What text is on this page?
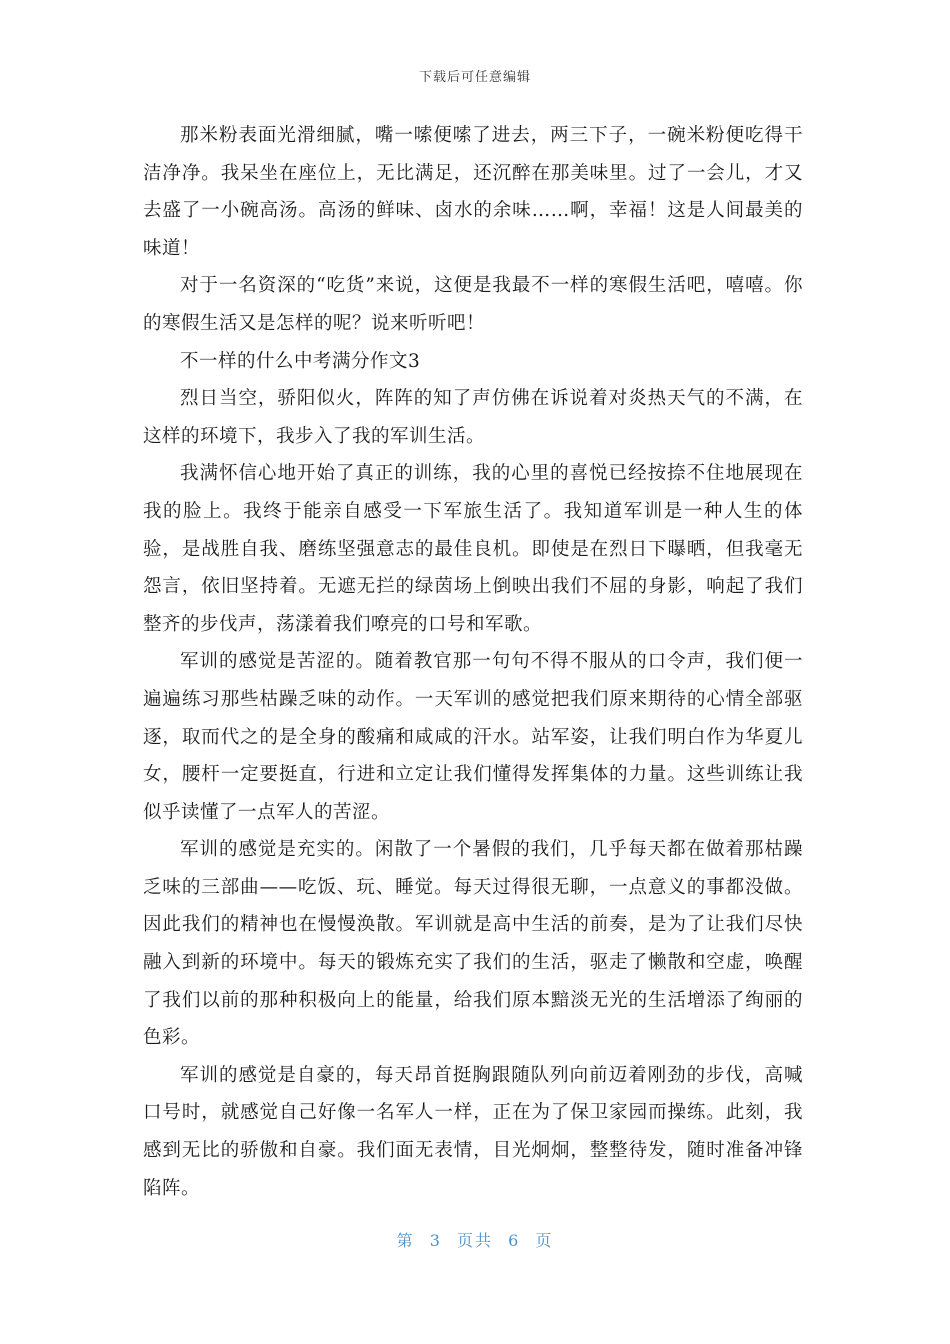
下载后可任意编辑

那米粉表面光滑细腻，嘴一嗦便嗦了进去，两三下子，一碗米粉便吃得干洁净净。我呆坐在座位上，无比满足，还沉醉在那美味里。过了一会儿，才又去盛了一小碗高汤。高汤的鲜味、卤水的余味……啊，幸福！这是人间最美的味道！

对于一名资深的“吃货”来说，这便是我最不一样的寒假生活吧，嘻嘻。你的寒假生活又是怎样的呢？说来听听吧！

不一样的什么中考满分作文3

烈日当空，骄阳似火，阵阵的知了声仿佛在诉说着对炎热天气的不满，在这样的环境下，我步入了我的军训生活。

我满怀信心地开始了真正的训练，我的心里的喜悦已经按捺不住地展现在我的脸上。我终于能亲自感受一下军旅生活了。我知道军训是一种人生的体验，是战胜自我、磨练坚强意志的最佳良机。即使是在烈日下曝晒，但我毫无怨言，依旧坚持着。无遮无拦的绿茵场上倒映出我们不屈的身影，响起了我们整齐的步伐声，荡漾着我们嘹亮的口号和军歌。

军训的感觉是苦涩的。随着教官那一句句不得不服从的口令声，我们便一遍遍练习那些枯躁乏味的动作。一天军训的感觉把我们原来期待的心情全部驱逐，取而代之的是全身的酸痛和咸咸的汗水。站军姿，让我们明白作为华夏儿女，腰杆一定要挺直，行进和立定让我们懂得发挥集体的力量。这些训练让我似乎读懂了一点军人的苦涩。

军训的感觉是充实的。闲散了一个暑假的我们，几乎每天都在做着那枯躁乏味的三部曲——吃饭、玩、睡觉。每天过得很无聊，一点意义的事都没做。因此我们的精神也在慢慢涣散。军训就是高中生活的前奏，是为了让我们尽快融入到新的环境中。每天的锻炼充实了我们的生活，驱走了懒散和空虚，唤醒了我们以前的那种积极向上的能量，给我们原本黯淡无光的生活增添了绚丽的色彩。

军训的感觉是自豪的，每天昂首挺胸跟随队列向前迈着刚劲的步伐，高喊口号时，就感觉自己好像一名军人一样，正在为了保卫家园而操练。此刻，我感到无比的骄傲和自豪。我们面无表情，目光炯炯，整整待发，随时准备冲锋陷阵。

第 3 页共 6 页
